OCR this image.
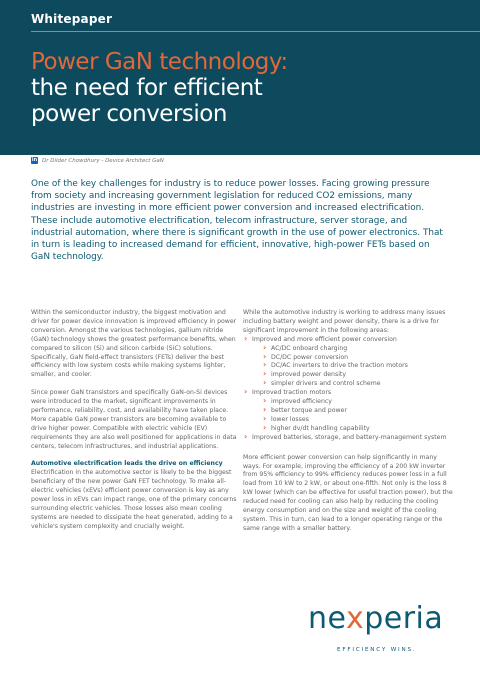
Whitepaper
Power GaN technology:
the need for efficient
power conversion
in Dr Dilder Chowdhury - Device Architect GaN
One of the key challenges for industry is to reduce power losses. Facing growing pressure from society and increasing government legislation for reduced CO2 emissions, many industries are investing in more efficient power conversion and increased electrification. These include automotive electrification, telecom infrastructure, server storage, and industrial automation, where there is significant growth in the use of power electronics. That in turn is leading to increased demand for efficient, innovative, high-power FETs based on GaN technology.

Within the semiconductor industry, the biggest motivation and driver for power device innovation is improved efficiency in power conversion. Amongst the various technologies, gallium nitride (GaN) technology shows the greatest performance benefits, when compared to silicon (Si) and silicon carbide (SiC) solutions. Specifically, GaN field-effect transistors (FETs) deliver the best efficiency with low system costs while making systems lighter, smaller, and cooler.

Since power GaN transistors and specifically GaN-on-Si devices were introduced to the market, significant improvements in performance, reliability, cost, and availability have taken place. More capable GaN power transistors are becoming available to drive higher power. Compatible with electric vehicle (EV) requirements they are also well positioned for applications in data centers, telecom infrastructures, and industrial applications.

Automotive electrification leads the drive on efficiency

Electrification in the automotive sector is likely to be the biggest beneficiary of the new power GaN FET technology. To make all-electric vehicles (xEVs) efficient power conversion is key as any power loss in xEVs can impact range, one of the primary concerns surrounding electric vehicles. Those losses also mean cooling systems are needed to dissipate the heat generated, adding to a vehicle's system complexity and crucially weight.

While the automotive industry is working to address many issues including battery weight and power density, there is a drive for significant improvement in the following areas:

› Improved and more efficient power conversion
› AC/DC onboard charging
› DC/DC power conversion
› DC/AC inverters to drive the traction motors
› improved power density
› simpler drivers and control scheme
› Improved traction motors
› improved efficiency
› better torque and power
› lower losses
› higher dv/dt handling capability
› Improved batteries, storage, and battery-management system

More efficient power conversion can help significantly in many ways. For example, improving the efficiency of a 200 kW inverter from 95% efficiency to 99% efficiency reduces power loss in a full load from 10 kW to 2 kW, or about one-fifth. Not only is the loss 8 kW lower (which can be effective for useful traction power), but the reduced need for cooling can also help by reducing the cooling energy consumption and on the size and weight of the cooling system. This in turn, can lead to a longer operating range or the same range with a smaller battery.

nexperia
EFFICIENCY WINS.
